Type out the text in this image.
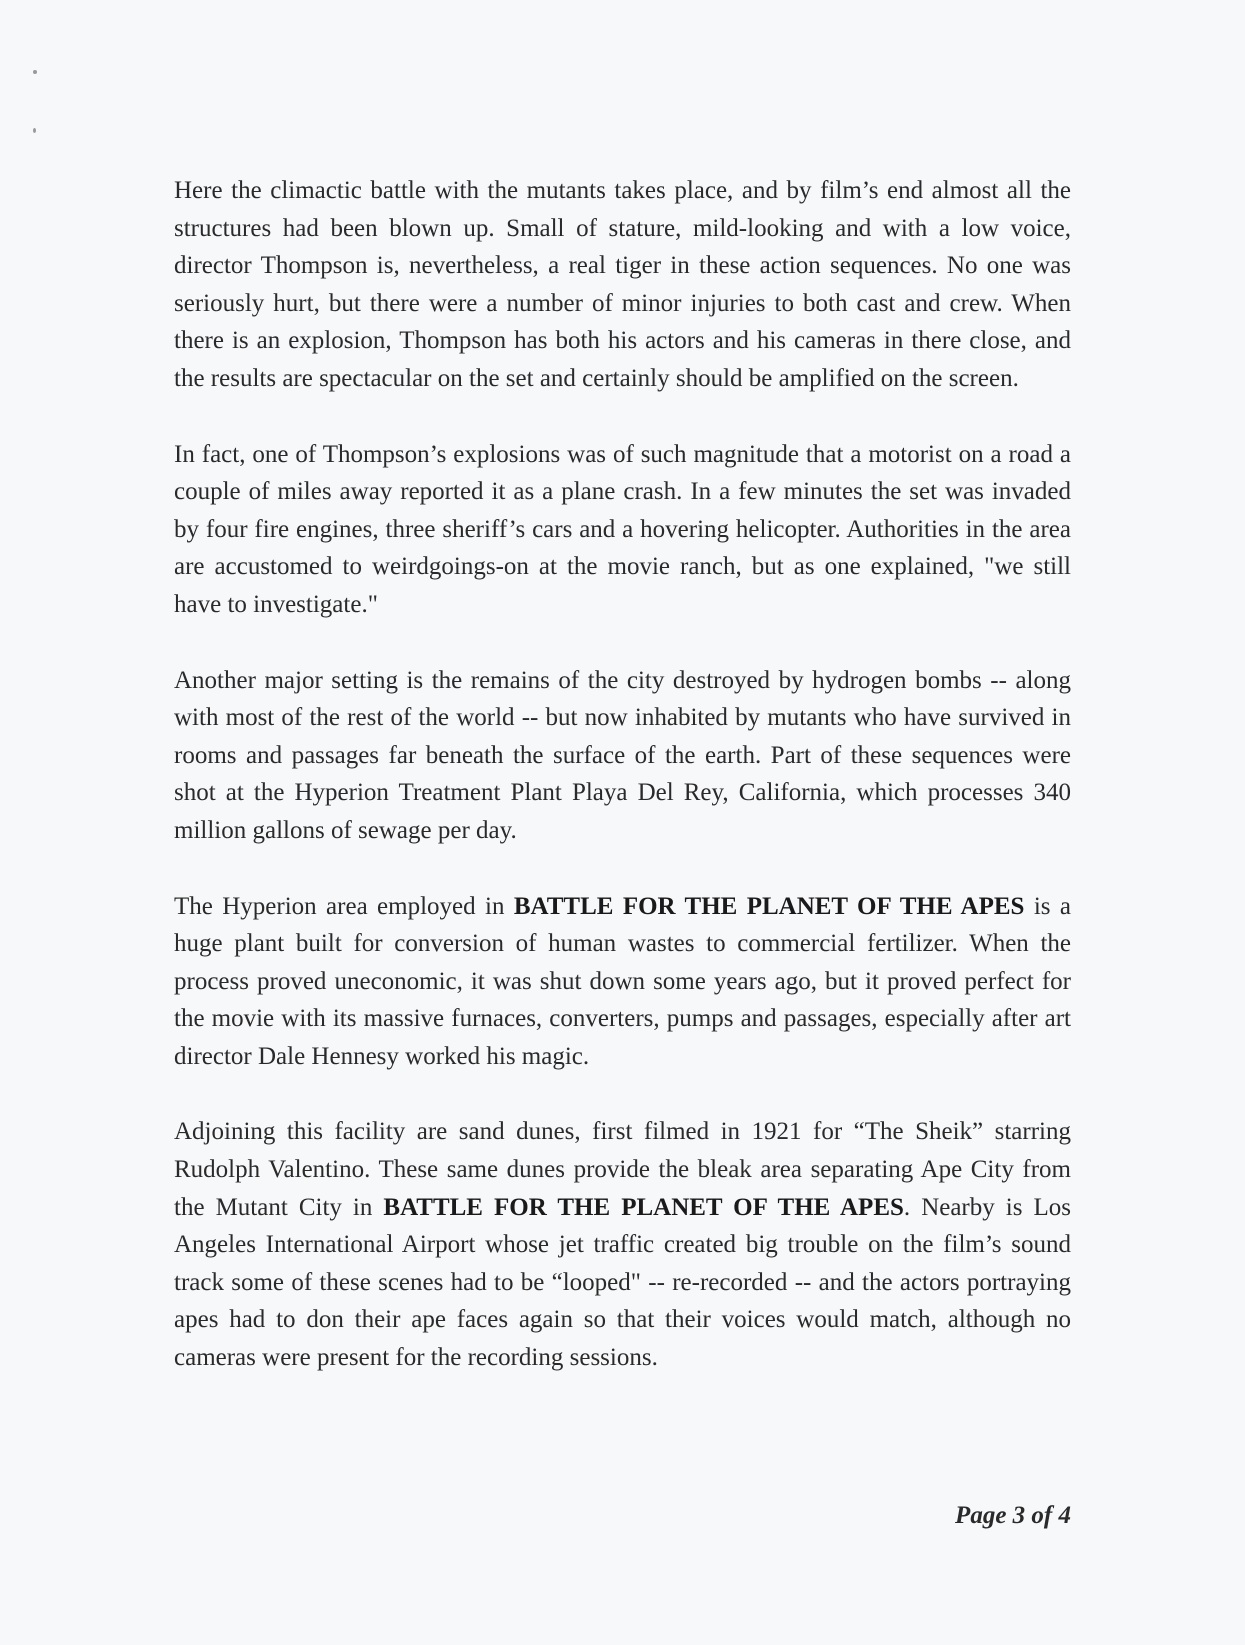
Here the climactic battle with the mutants takes place, and by film’s end almost all the structures had been blown up. Small of stature, mild-looking and with a low voice, director Thompson is, nevertheless, a real tiger in these action sequences. No one was seriously hurt, but there were a number of minor injuries to both cast and crew. When there is an explosion, Thompson has both his actors and his cameras in there close, and the results are spectacular on the set and certainly should be amplified on the screen.

In fact, one of Thompson’s explosions was of such magnitude that a motorist on a road a couple of miles away reported it as a plane crash. In a few minutes the set was invaded by four fire engines, three sheriff’s cars and a hovering helicopter. Authorities in the area are accustomed to weirdgoings-on at the movie ranch, but as one explained, "we still have to investigate."

Another major setting is the remains of the city destroyed by hydrogen bombs -- along with most of the rest of the world -- but now inhabited by mutants who have survived in rooms and passages far beneath the surface of the earth. Part of these sequences were shot at the Hyperion Treatment Plant Playa Del Rey, California, which processes 340 million gallons of sewage per day.

The Hyperion area employed in BATTLE FOR THE PLANET OF THE APES is a huge plant built for conversion of human wastes to commercial fertilizer. When the process proved uneconomic, it was shut down some years ago, but it proved perfect for the movie with its massive furnaces, converters, pumps and passages, especially after art director Dale Hennesy worked his magic.

Adjoining this facility are sand dunes, first filmed in 1921 for “The Sheik” starring Rudolph Valentino. These same dunes provide the bleak area separating Ape City from the Mutant City in BATTLE FOR THE PLANET OF THE APES. Nearby is Los Angeles International Airport whose jet traffic created big trouble on the film’s sound track some of these scenes had to be “looped" -- re-recorded -- and the actors portraying apes had to don their ape faces again so that their voices would match, although no cameras were present for the recording sessions.

Page 3 of 4
